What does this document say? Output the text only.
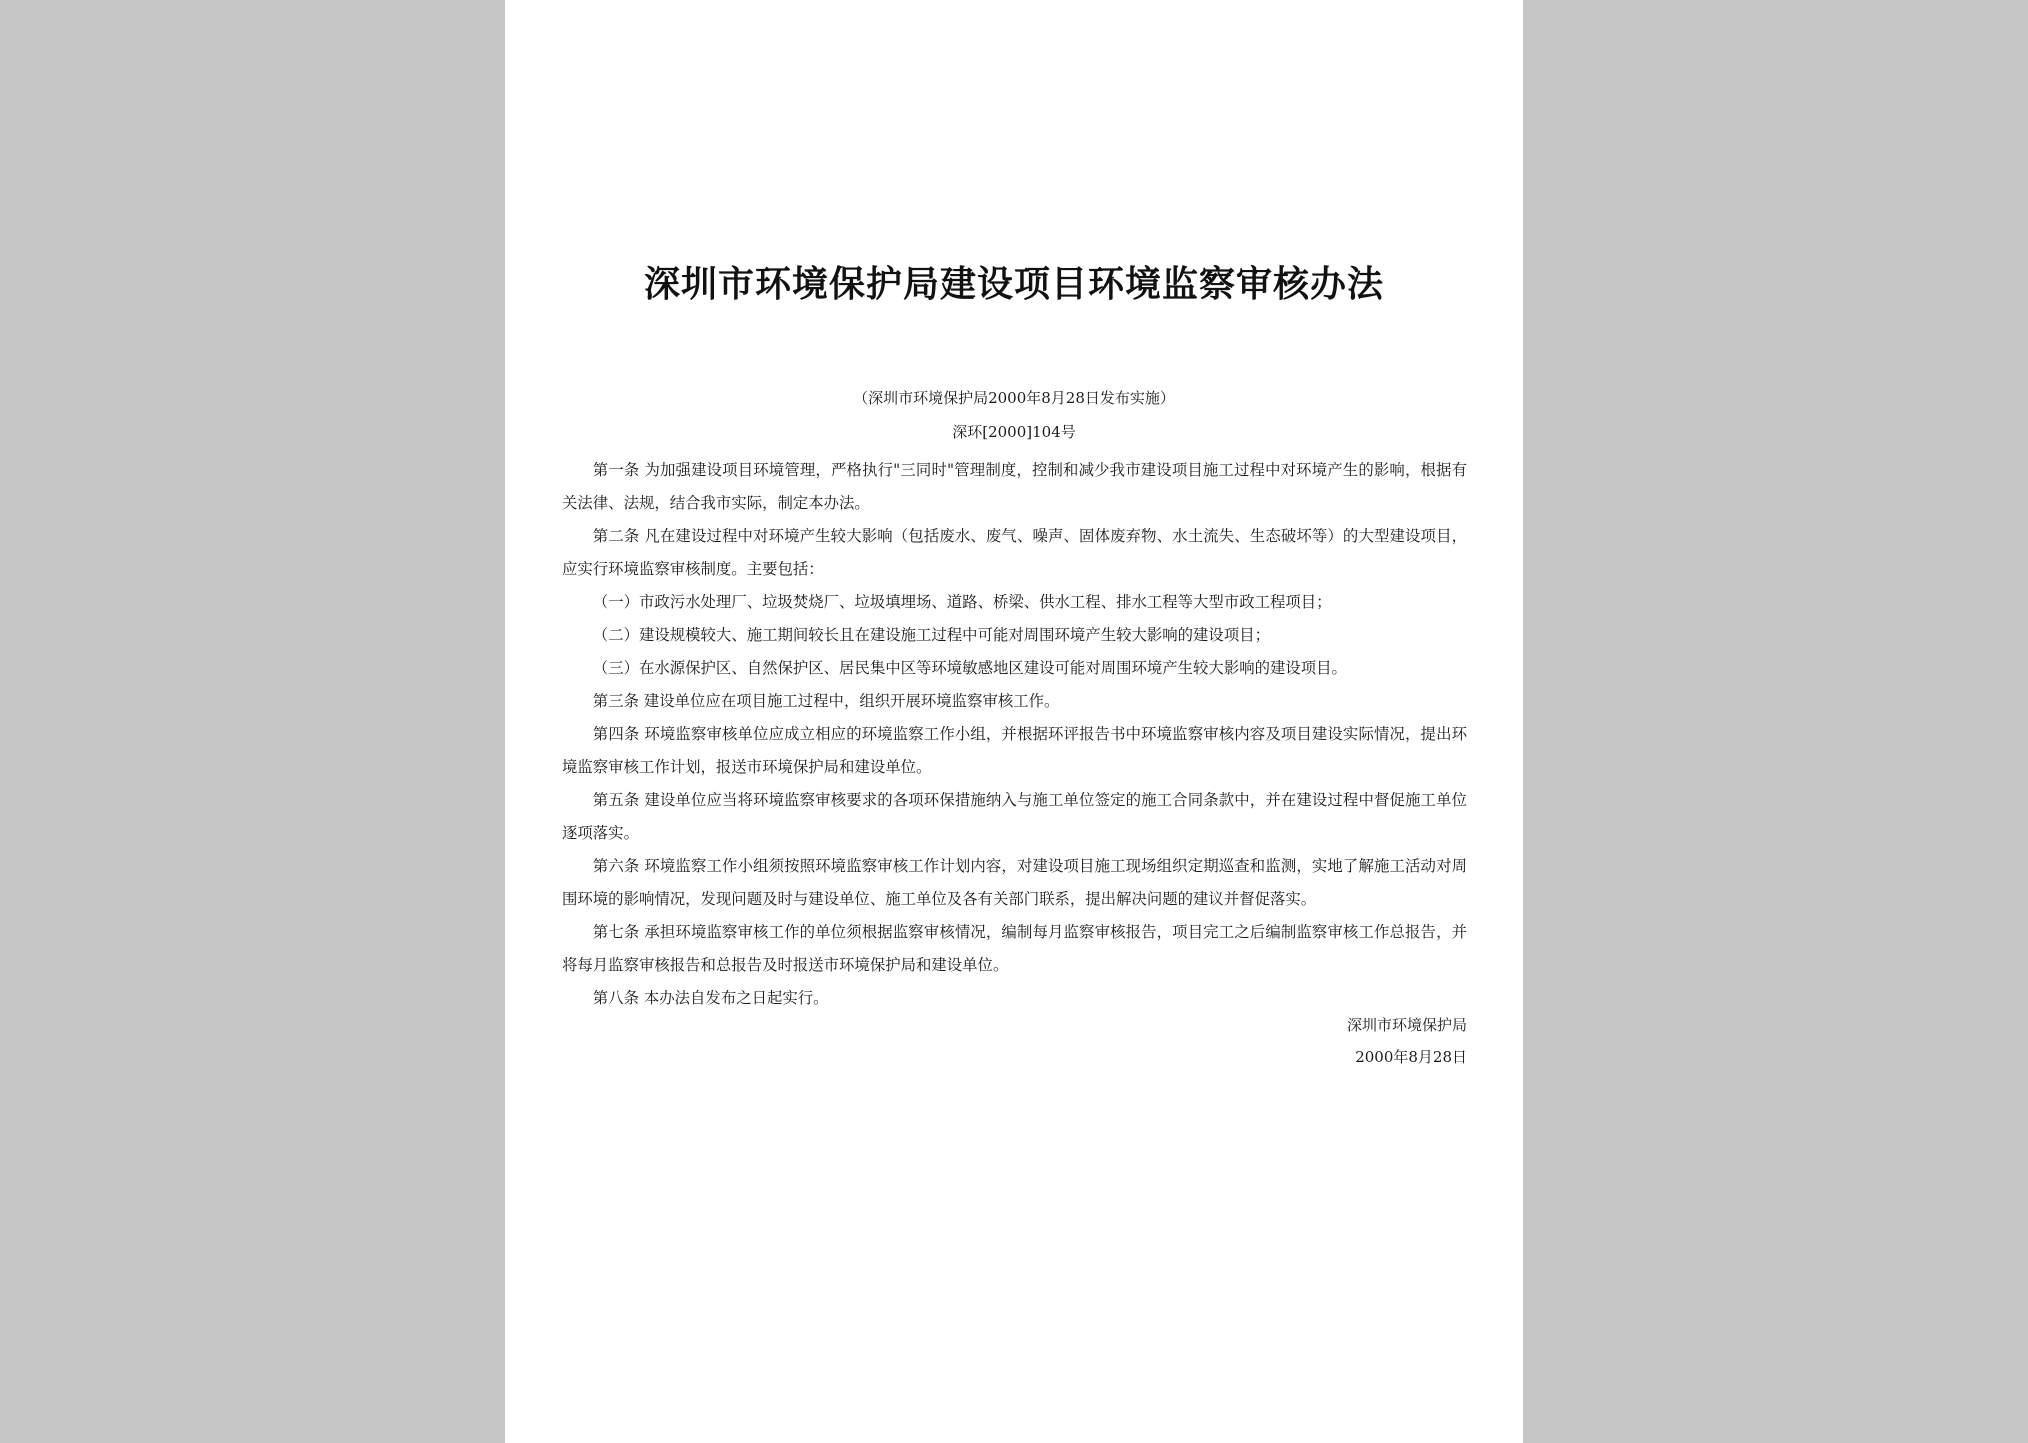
深圳市环境保护局建设项目环境监察审核办法
（深圳市环境保护局2000年8月28日发布实施）
深环[2000]104号

第一条 为加强建设项目环境管理，严格执行"三同时"管理制度，控制和减少我市建设项目施工过程中对环境产生的影响，根据有关法律、法规，结合我市实际，制定本办法。

第二条 凡在建设过程中对环境产生较大影响（包括废水、废气、噪声、固体废弃物、水土流失、生态破坏等）的大型建设项目，应实行环境监察审核制度。主要包括：

（一）市政污水处理厂、垃圾焚烧厂、垃圾填埋场、道路、桥梁、供水工程、排水工程等大型市政工程项目；

（二）建设规模较大、施工期间较长且在建设施工过程中可能对周围环境产生较大影响的建设项目；

（三）在水源保护区、自然保护区、居民集中区等环境敏感地区建设可能对周围环境产生较大影响的建设项目。

第三条 建设单位应在项目施工过程中，组织开展环境监察审核工作。

第四条 环境监察审核单位应成立相应的环境监察工作小组，并根据环评报告书中环境监察审核内容及项目建设实际情况，提出环境监察审核工作计划，报送市环境保护局和建设单位。

第五条 建设单位应当将环境监察审核要求的各项环保措施纳入与施工单位签定的施工合同条款中，并在建设过程中督促施工单位逐项落实。

第六条 环境监察工作小组须按照环境监察审核工作计划内容，对建设项目施工现场组织定期巡查和监测，实地了解施工活动对周围环境的影响情况，发现问题及时与建设单位、施工单位及各有关部门联系，提出解决问题的建议并督促落实。

第七条 承担环境监察审核工作的单位须根据监察审核情况，编制每月监察审核报告，项目完工之后编制监察审核工作总报告，并将每月监察审核报告和总报告及时报送市环境保护局和建设单位。

第八条 本办法自发布之日起实行。

深圳市环境保护局
2000年8月28日
